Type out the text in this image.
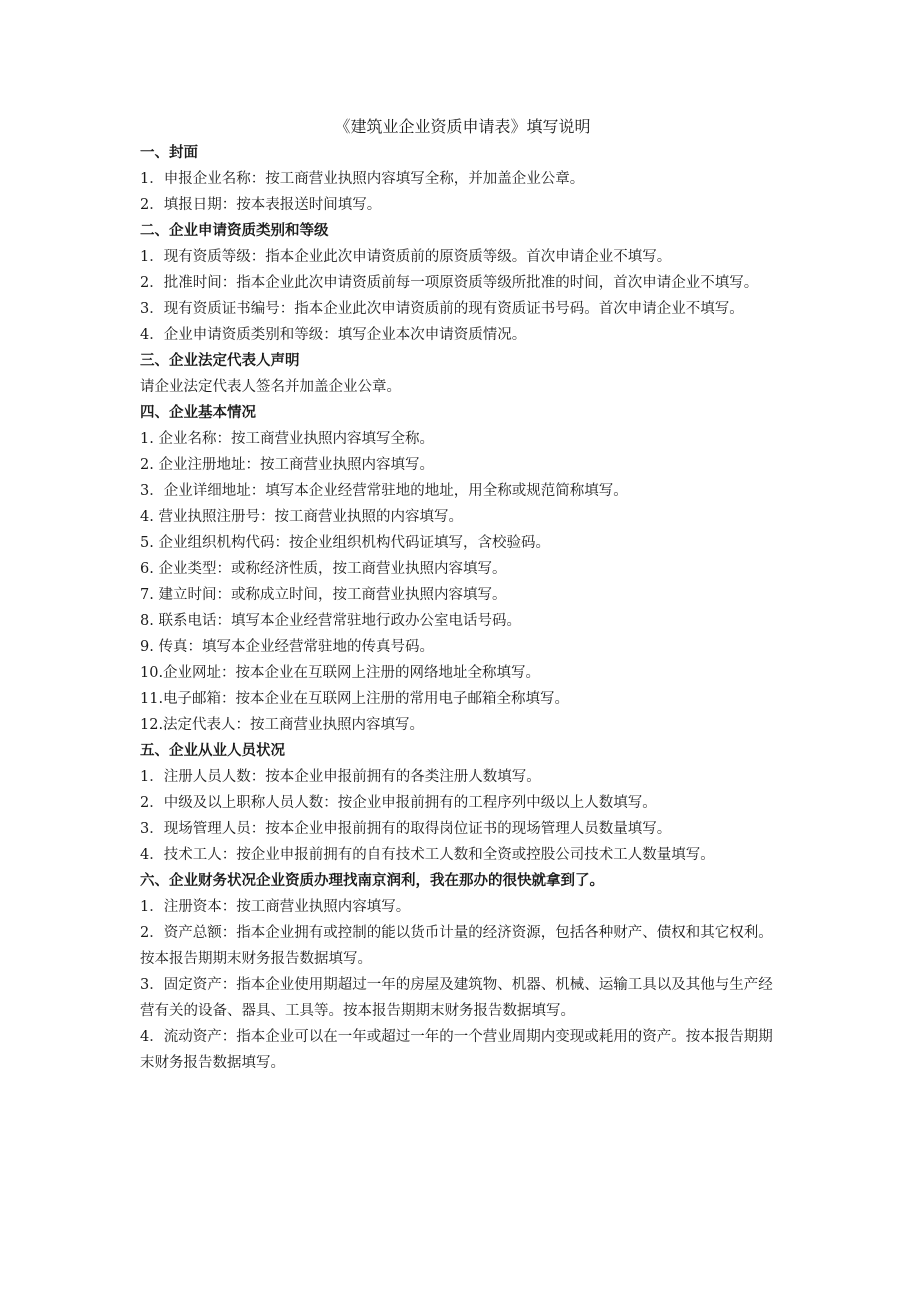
《建筑业企业资质申请表》填写说明

一、封面

1．申报企业名称：按工商营业执照内容填写全称，并加盖企业公章。

2．填报日期：按本表报送时间填写。

二、企业申请资质类别和等级

1．现有资质等级：指本企业此次申请资质前的原资质等级。首次申请企业不填写。

2．批准时间：指本企业此次申请资质前每一项原资质等级所批准的时间，首次申请企业不填写。

3．现有资质证书编号：指本企业此次申请资质前的现有资质证书号码。首次申请企业不填写。

4．企业申请资质类别和等级：填写企业本次申请资质情况。

三、企业法定代表人声明

请企业法定代表人签名并加盖企业公章。

四、企业基本情况

1. 企业名称：按工商营业执照内容填写全称。

2. 企业注册地址：按工商营业执照内容填写。

3．企业详细地址：填写本企业经营常驻地的地址，用全称或规范简称填写。

4. 营业执照注册号：按工商营业执照的内容填写。

5. 企业组织机构代码：按企业组织机构代码证填写，含校验码。

6. 企业类型：或称经济性质，按工商营业执照内容填写。

7. 建立时间：或称成立时间，按工商营业执照内容填写。

8. 联系电话：填写本企业经营常驻地行政办公室电话号码。

9. 传真：填写本企业经营常驻地的传真号码。

10.企业网址：按本企业在互联网上注册的网络地址全称填写。

11.电子邮箱：按本企业在互联网上注册的常用电子邮箱全称填写。

12.法定代表人：按工商营业执照内容填写。

五、企业从业人员状况

1．注册人员人数：按本企业申报前拥有的各类注册人数填写。

2．中级及以上职称人员人数：按企业申报前拥有的工程序列中级以上人数填写。

3．现场管理人员：按本企业申报前拥有的取得岗位证书的现场管理人员数量填写。

4．技术工人：按企业申报前拥有的自有技术工人数和全资或控股公司技术工人数量填写。

六、企业财务状况企业资质办理找南京润利，我在那办的很快就拿到了。

1．注册资本：按工商营业执照内容填写。

2．资产总额：指本企业拥有或控制的能以货币计量的经济资源，包括各种财产、债权和其它权利。按本报告期期末财务报告数据填写。

3．固定资产：指本企业使用期超过一年的房屋及建筑物、机器、机械、运输工具以及其他与生产经营有关的设备、器具、工具等。按本报告期期末财务报告数据填写。

4．流动资产：指本企业可以在一年或超过一年的一个营业周期内变现或耗用的资产。按本报告期期末财务报告数据填写。
